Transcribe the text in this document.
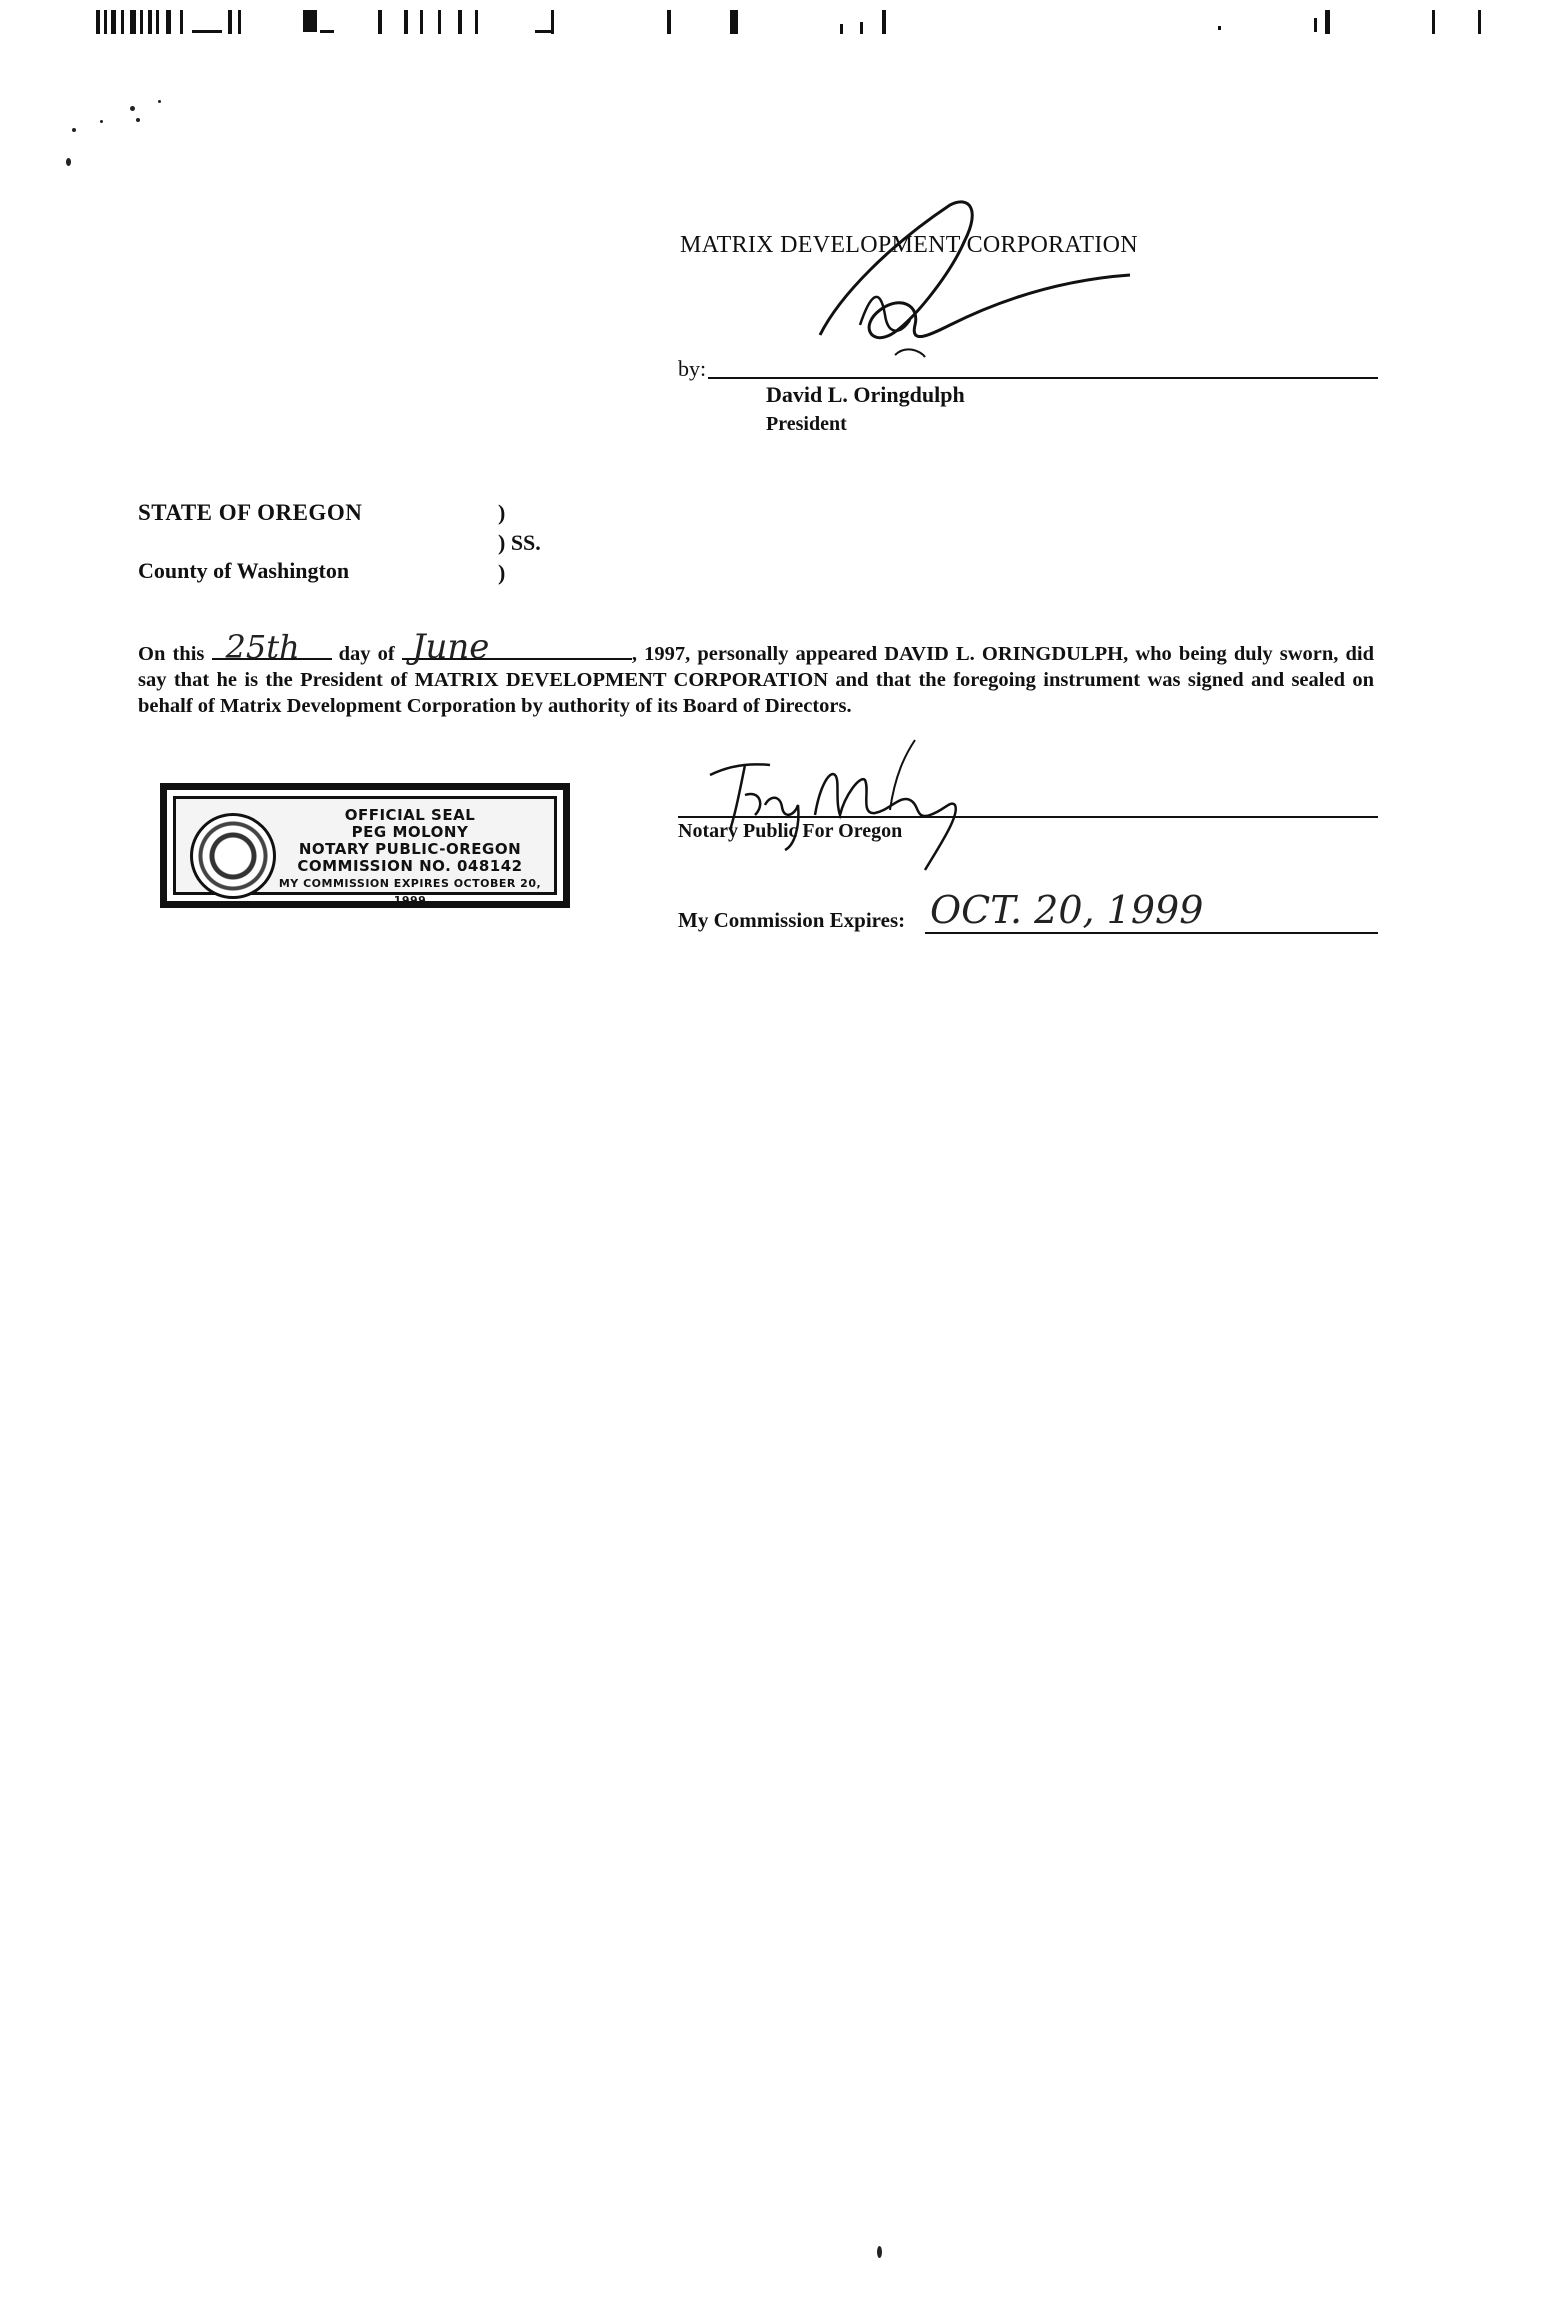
MATRIX DEVELOPMENT CORPORATION
by:
David L. Oringdulph
President
STATE OF OREGON
County of Washington
)
) SS.
)
On this 25th day of June	, 1997, personally appeared DAVID L. ORINGDULPH, who being duly sworn, did say that he is the President of MATRIX DEVELOPMENT CORPORATION and that the foregoing instrument was signed and sealed on behalf of Matrix Development Corporation by authority of its Board of Directors.
OFFICIAL SEAL
PEG MOLONY
NOTARY PUBLIC-OREGON
COMMISSION NO. 048142
MY COMMISSION EXPIRES OCTOBER 20, 1999
Notary Public For Oregon
My Commission Expires: OCT. 20, 1999
